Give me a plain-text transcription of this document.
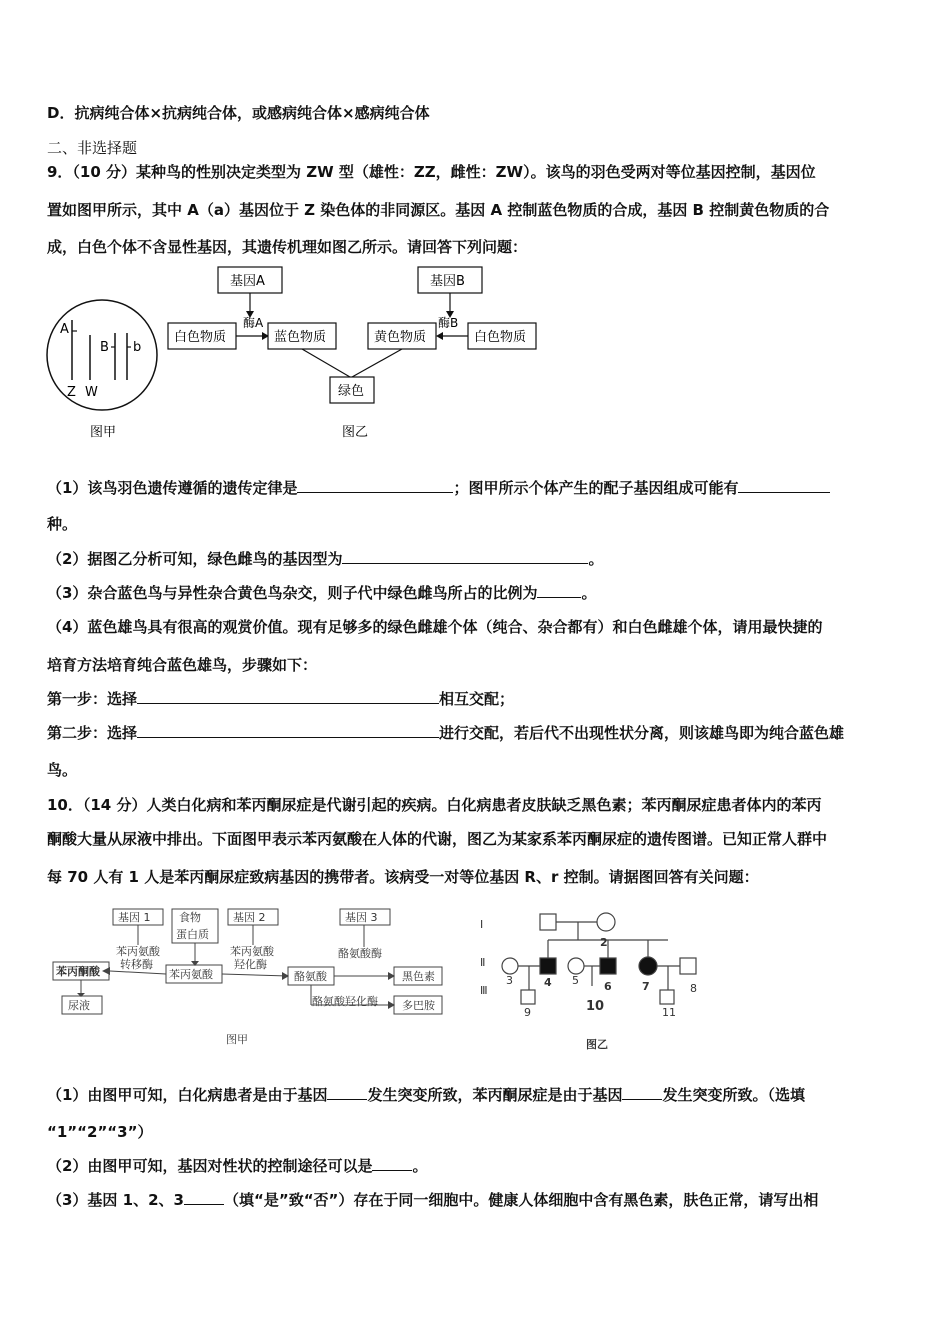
D．抗病纯合体×抗病纯合体，或感病纯合体×感病纯合体
二、非选择题
9．（10 分）某种鸟的性别决定类型为 ZW 型（雄性：ZZ，雌性：ZW）。该鸟的羽色受两对等位基因控制，基因位
置如图甲所示，其中 A（a）基因位于 Z 染色体的非同源区。基因 A 控制蓝色物质的合成，基因 B 控制黄色物质的合
成，白色个体不含显性基因，其遗传机理如图乙所示。请回答下列问题：
A
B b
Z W
图甲
基因A
酶A
白色物质	蓝色物质
基因B
酶B
黄色物质	白色物质
绿色
图乙
（1）该鸟羽色遗传遵循的遗传定律是	；图甲所示个体产生的配子基因组成可能有
种。
（2）据图乙分析可知，绿色雌鸟的基因型为	。
（3）杂合蓝色鸟与异性杂合黄色鸟杂交，则子代中绿色雌鸟所占的比例为	。
（4）蓝色雄鸟具有很高的观赏价值。现有足够多的绿色雌雄个体（纯合、杂合都有）和白色雌雄个体，请用最快捷的
培育方法培育纯合蓝色雄鸟，步骤如下：
第一步：选择	相互交配；
第二步：选择	进行交配，若后代不出现性状分离，则该雄鸟即为纯合蓝色雄
鸟。
10．（14 分）人类白化病和苯丙酮尿症是代谢引起的疾病。白化病患者皮肤缺乏黑色素；苯丙酮尿症患者体内的苯丙
酮酸大量从尿液中排出。下面图甲表示苯丙氨酸在人体的代谢，图乙为某家系苯丙酮尿症的遗传图谱。已知正常人群中
每 70 人有 1 人是苯丙酮尿症致病基因的携带者。该病受一对等位基因 R、r 控制。请据图回答有关问题：
基因 1	食物
蛋白质
基因 2	基因 3
苯丙酮酸
尿液
苯丙氨酸
转移酶
苯丙氨酸
苯丙氨酸
羟化酶
酪氨酸
酪氨酸酶
黑色素
酪氨酸羟化酶 多巴胺
图甲
Ⅰ
Ⅱ
Ⅲ
2
3	4 5 6	7	8
9	10	11
图乙
（1）由图甲可知，白化病患者是由于基因	发生突变所致，苯丙酮尿症是由于基因	发生突变所致。（选填
“1”“2”“3”）
（2）由图甲可知，基因对性状的控制途径可以是	。
（3）基因 1、2、3	（填“是”致“否”）存在于同一细胞中。健康人体细胞中含有黑色素，肤色正常，请写出相
